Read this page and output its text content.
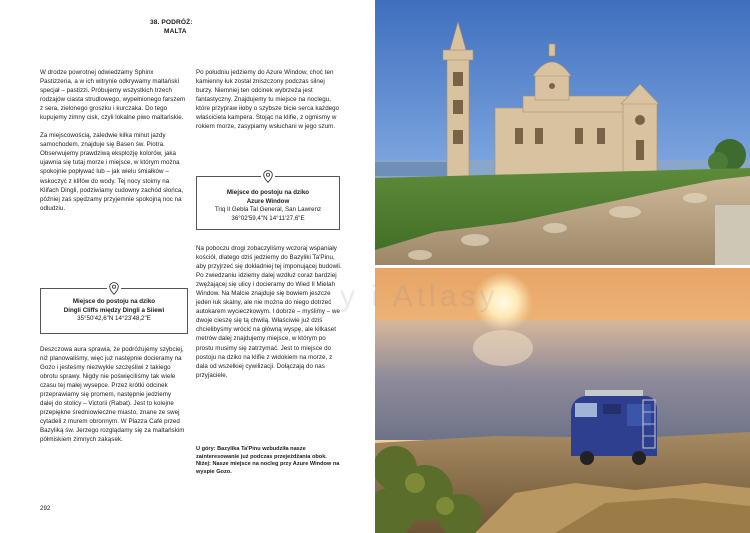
38. PODRÓŻ:
MALTA

W drodze powrotnej odwiedzamy Sphinx Pastizzeria, a w ich witrynie odkrywamy maltańskí specjał – pastizzi. Próbujemy wszystkich trzech rodzajów ciasta strudlowego, wypełnionego farszem z sera, zielonego groszku i kurczaka. Do tego kupujemy zimny cisk, czyli lokalne piwo maltańskie.

Za miejscowością, zaledwie kilka minut jazdy samochodem, znajduje się Basen św. Piotra. Obserwujemy prawdziwą eksplozję kolorów, jaka ujawnia się tutaj morze i miejsce, w którym można spokojnie popływać lub – jak wielu śmiałków – wskoczyć z klifów do wody. Tej nocy stoimy na Klifach Dingli, podziwiamy cudowny zachód słońca, później zaś spędzamy przyjemnie spokojną noc na odludziu.

Miejsce do postoju na dziko
Dingli Cliffs między Dingli a Siiewi
35°50'42,6"N 14°23'48,2"E

Deszczowa aura sprawia, że podróżujemy szybciej, niż planowaliśmy, więc już następnie docieramy na Gozo i jesteśmy niezwykle szczęśliwi z takiego obrotu sprawy. Nigdy nie poświęciliśmy tak wiele czasu tej małej wysepce. Przez krótki odcinek przeprawiamy się promem, następnie jedziemy dalej do stolicy – Victorii (Rabat). Jest to kolejne przepiękne średniowieczne miasto, znane ze swej cytadeli z murem obronnym. W Plazza Café przed Bazyliką św. Jerzego rozglądamy się za maltańskim półmiskiem zimnych zakąsek.

Po południu jedziemy do Azure Window, choć ten kamienny łuk został zniszczony podczas silnej burzy. Niemniej ten odcinek wybrzeża jest fantastyczny. Znajdujemy tu miejsce na noclegu, które przypraw iłoby o szybsze bicie serca każdego właściciela kampera. Stojąc na klifie, z ogmismy w rokiem morze, zasypiamy wsłuchani w jego szum.

Miejsce do postoju na dziko
Azure Window
Triq Il Gebla Tal General, San Lawrenz
36°02'59,4"N 14°11'27,6"E

Na poboczu drogi zobaczyliśmy wczoraj wspaniały kościół, dlatego dziś jedziemy do Bazyliki Ta'Pinu, aby przyjrzeć się dokładniej tej imponującej budowli. Po zwiedzaniu idziemy dalej wzdłuż coraz bardziej zwężającej się ulicy i docieramy do Wied Il Mielah Window. Na Malcie znajduje się bowiem jeszcze jeden łuk skalny, ale nie można do niego dotrzeć autokarem wycieczkowym. I dobrze – myślimy – we dwoje cieszę się tą chwilą. Właściwie już dziś chcielibyśmy wrócić na główną wyspę, ale kilkaset metrów dalej znajdujemy miejsce, w którym po prostu musimy się zatrzymać. Jest to miejsce do postoju na dziko na klifie z widokiem na morze, z dala od wszelkiej cywilizacji. Dołączają do nas przyjaciele,

U góry: Bazylika Ta'Pinu wzbudziła nasze zainteresowanie już podczas przejeżdżania obok.
Niżej: Nasze miejsce na nocleg przy Azure Window na wyspie Gozo.
292
